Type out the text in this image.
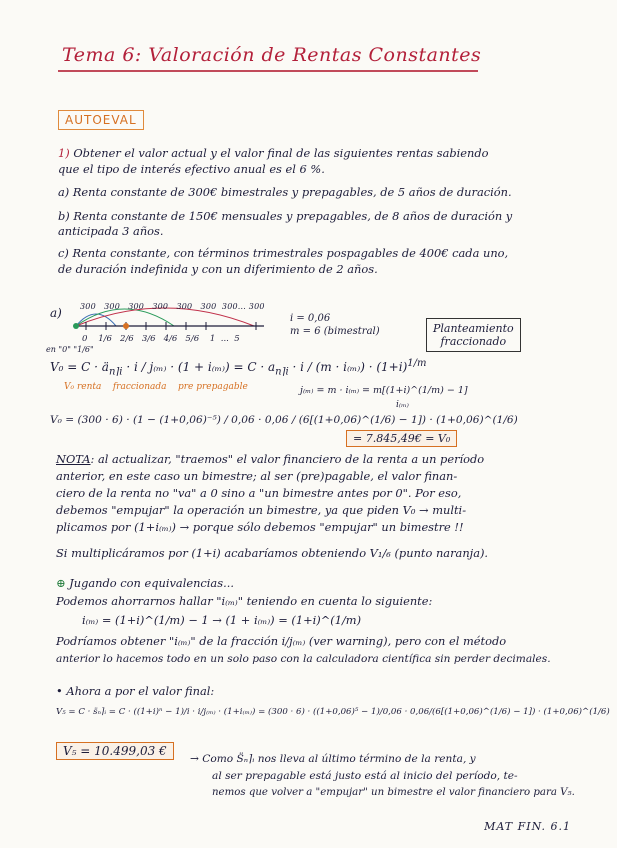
Tema 6: Valoración de Rentas Constantes
AUTOEVAL
1) Obtener el valor actual y el valor final de las siguientes rentas sabiendo
que el tipo de interés efectivo anual es el 6 %.
a) Renta constante de 300€ bimestrales y prepagables, de 5 años de duración.
b) Renta constante de 150€ mensuales y prepagables, de 8 años de duración y
anticipada 3 años.
c) Renta constante, con términos trimestrales pospagables de 400€ cada uno,
de duración indefinida y con un diferimiento de 2 años.
a) 300 300 300 300 300 300 300... 300
0 1/6 2/6 3/6 4/6 5/6 1 ... 5
i = 0,06
m = 6 (bimestral)
en "0" "1/6"
Planteamiento
fraccionado
$V_0 = C \cdot ä_{n⌉i} \cdot i / j_{(m)} \cdot (1 + i_{(m)}) = C \cdot a_{n⌉i} \cdot i / (m \cdot i_{(m)}) \cdot (1+i)^{1/m}$
V₀ renta fraccionada pre prepagable	j₍ₘ₎ = m · i₍ₘ₎ = m[(1+i)^(1/m) − 1]
i₍ₘ₎
V₀ = (300 · 6) · (1 − (1+0,06)⁻⁵) / 0,06 · 0,06 / (6[(1+0,06)^(1/6) − 1]) · (1+0,06)^(1/6)
= 7.845,49€ = V₀
NOTA: al actualizar, "traemos" el valor financiero de la renta a un período
anterior, en este caso un bimestre; al ser (pre)pagable, el valor finan-
ciero de la renta no "va" a 0 sino a "un bimestre antes por 0". Por eso,
debemos "empujar" la operación un bimestre, ya que piden V₀ → multi-
plicamos por (1+i₍ₘ₎) → porque sólo debemos "empujar" un bimestre !!
Si multiplicáramos por (1+i) acabaríamos obteniendo V₁/₆ (punto naranja).
⊕ Jugando con equivalencias...
Podemos ahorrarnos hallar "i₍ₘ₎" teniendo en cuenta lo siguiente:
i₍ₘ₎ = (1+i)^(1/m) − 1 → (1 + i₍ₘ₎) = (1+i)^(1/m)
Podríamos obtener "i₍ₘ₎" de la fracción i/j₍ₘ₎ (ver warning), pero con el método
anterior lo hacemos todo en un solo paso con la calculadora científica sin perder decimales.
• Ahora a por el valor final:
V₅ = C · s̈ₙ⌉ᵢ = C · ((1+i)ⁿ − 1)/i · i/j₍ₘ₎ · (1+i₍ₘ₎) = (300 · 6) · ((1+0,06)⁵ − 1)/0,06 · 0,06/(6[(1+0,06)^(1/6) − 1]) · (1+0,06)^(1/6)
V₅ = 10.499,03 €
→ Como S̈ₙ⌉ᵢ nos lleva al último término de la renta, y
al ser prepagable está justo está al inicio del período, te-
nemos que volver a "empujar" un bimestre el valor financiero para V₅.
MAT FIN. 6.1
